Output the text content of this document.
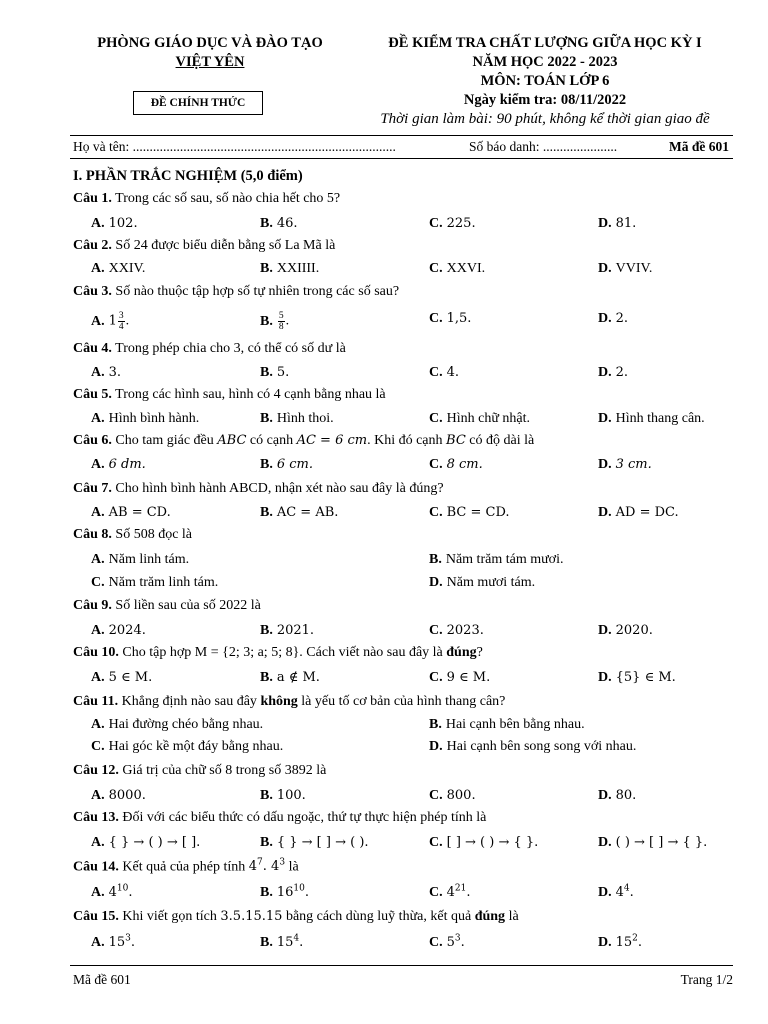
PHÒNG GIÁO DỤC VÀ ĐÀO TẠO
VIỆT YÊN
ĐỀ CHÍNH THỨC
ĐỀ KIỂM TRA CHẤT LƯỢNG GIỮA HỌC KỲ I
NĂM HỌC 2022 - 2023
MÔN: TOÁN LỚP 6
Ngày kiểm tra: 08/11/2022
Thời gian làm bài: 90 phút, không kể thời gian giao đề
Họ và tên: ..............................................................................	Số báo danh: ......................	Mã đề 601
I. PHẦN TRẮC NGHIỆM (5,0 điểm)
Câu 1. Trong các số sau, số nào chia hết cho 5?
A. 102.	B. 46.	C. 225.	D. 81.
Câu 2. Số 24 được biểu diễn bằng số La Mã là
A. XXIV.	B. XXIIII.	C. XXVI.	D. VVIV.
Câu 3. Số nào thuộc tập hợp số tự nhiên trong các số sau?
A. $1 \frac{3}{4}$ .	B. $\frac{5}{8}$ .	C. 1,5.	D. 2.
Câu 4. Trong phép chia cho 3, có thể có số dư là
A. 3.	B. 5.	C. 4.	D. 2.
Câu 5. Trong các hình sau, hình có 4 cạnh bằng nhau là
A. Hình bình hành.	B. Hình thoi.	C. Hình chữ nhật.	D. Hình thang cân.
Câu 6. Cho tam giác đều ABC có cạnh AC = 6 cm. Khi đó cạnh BC có độ dài là
A. 6 dm.	B. 6 cm.	C. 8 cm.	D. 3 cm.
Câu 7. Cho hình bình hành ABCD, nhận xét nào sau đây là đúng?
A. AB = CD.	B. AC = AB.	C. BC = CD.	D. AD = DC.
Câu 8. Số 508 đọc là
A. Năm linh tám.	B. Năm trăm tám mươi.
C. Năm trăm linh tám.	D. Năm mươi tám.
Câu 9. Số liền sau của số 2022 là
A. 2024.	B. 2021.	C. 2023.	D. 2020.
Câu 10. Cho tập hợp M = {2; 3; a; 5; 8}. Cách viết nào sau đây là đúng?
A. 5 ∈ M.	B. a ∉ M.	C. 9 ∈ M.	D. {5} ∈ M.
Câu 11. Khẳng định nào sau đây không là yếu tố cơ bản của hình thang cân?
A. Hai đường chéo bằng nhau.	B. Hai cạnh bên bằng nhau.
C. Hai góc kề một đáy bằng nhau.	D. Hai cạnh bên song song với nhau.
Câu 12. Giá trị của chữ số 8 trong số 3892 là
A. 8000.	B. 100.	C. 800.	D. 80.
Câu 13. Đối với các biểu thức có dấu ngoặc, thứ tự thực hiện phép tính là
A. { } → ( ) → [ ].	B. { } → [ ] → ( ).	C. [ ] → ( ) → { }.	D. ( ) → [ ] → { }.
Câu 14. Kết quả của phép tính $4^7$. $4^3$ là
A. $4^{10}$.	B. $16^{10}$.	C. $4^{21}$.	D. $4^4$.
Câu 15. Khi viết gọn tích 3.5.15.15 bằng cách dùng luỹ thừa, kết quả đúng là
A. $15^3$.	B. $15^4$.	C. $5^3$.	D. $15^2$.
Mã đề 601	Trang 1/2
